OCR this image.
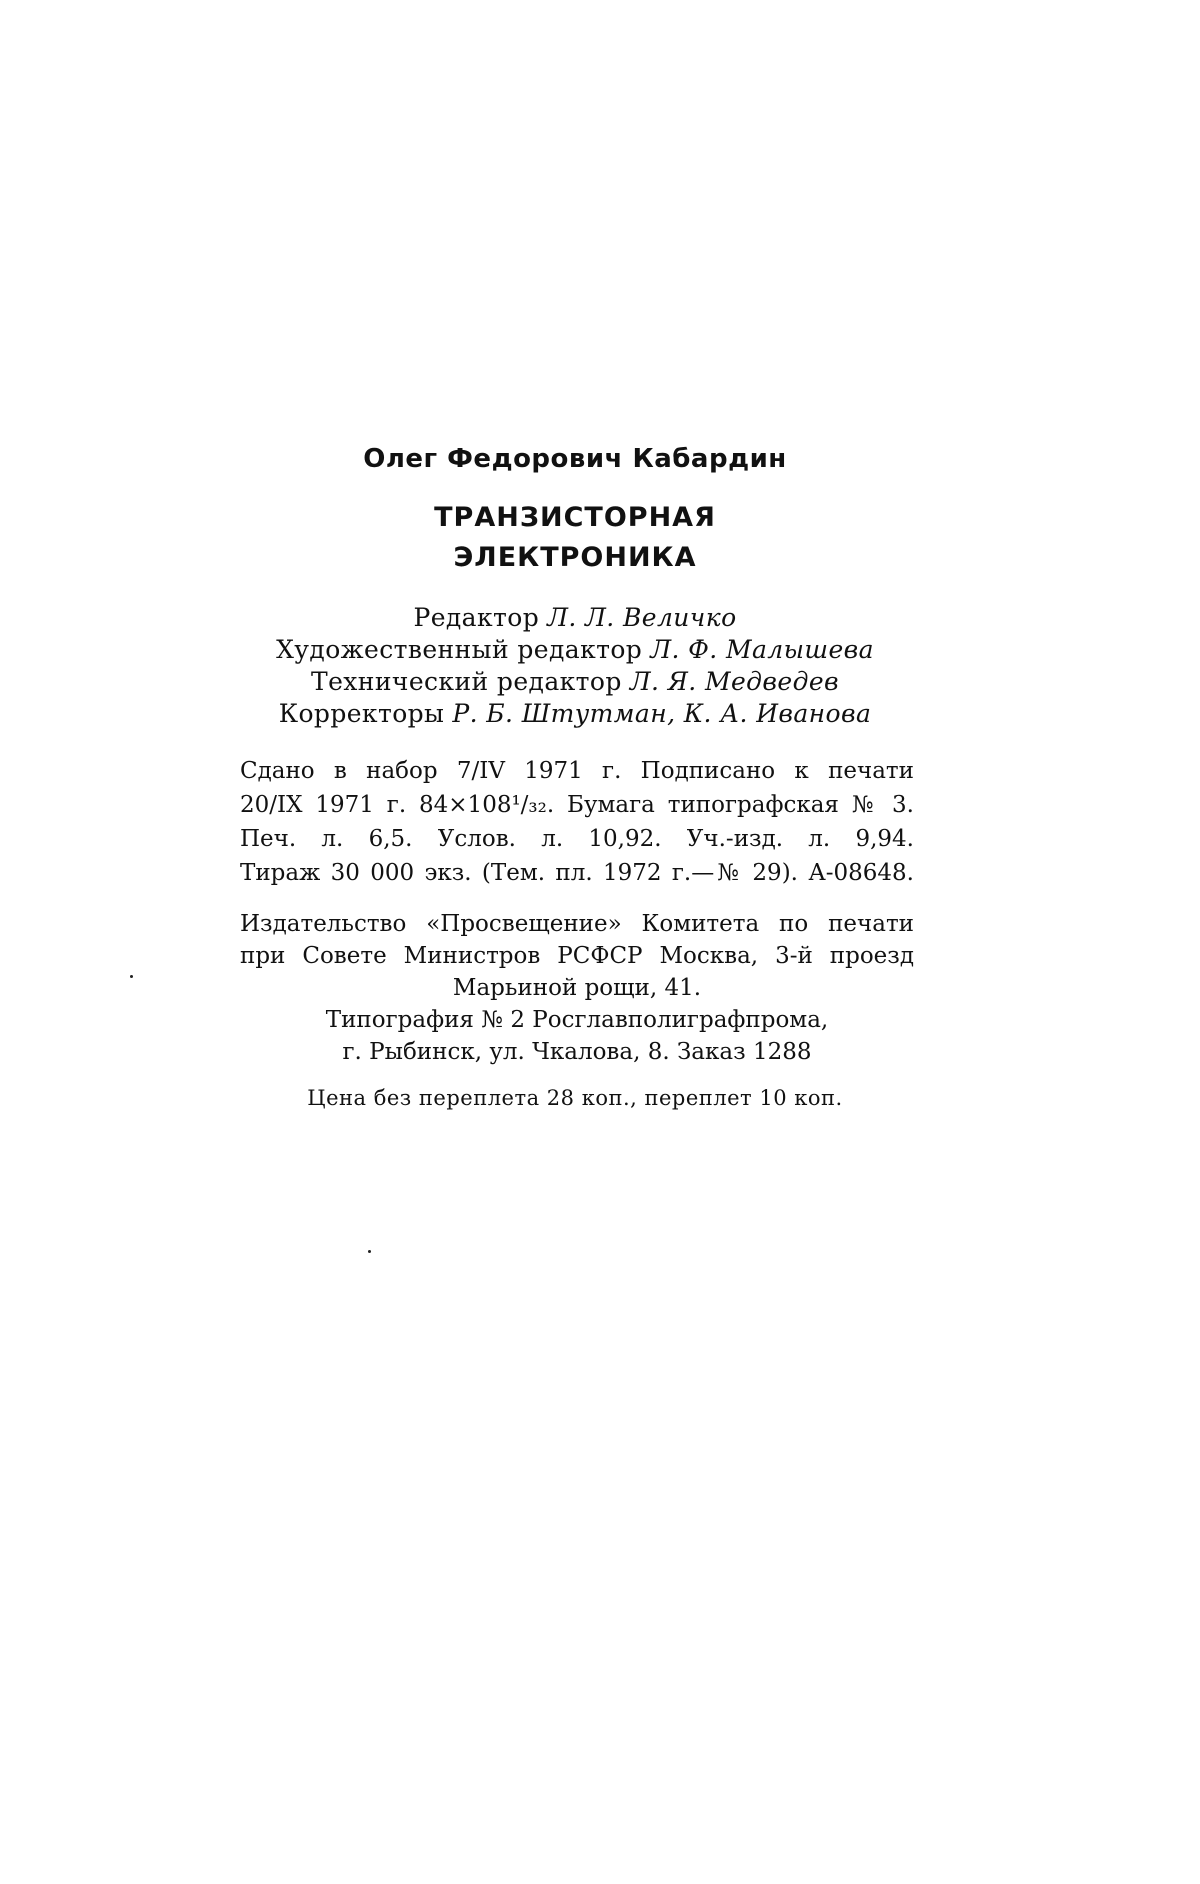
Олег Федорович Кабардин
ТРАНЗИСТОРНАЯ
ЭЛЕКТРОНИКА
Редактор Л. Л. Величко
Художественный редактор Л. Ф. Малышева
Технический редактор Л. Я. Медведев
Корректоры Р. Б. Штутман, К. А. Иванова
Сдано в набор 7/IV 1971 г. Подписано к печати
20/IX 1971 г. 84×108¹/₃₂. Бумага типографская № 3.
Печ. л. 6,5. Услов. л. 10,92. Уч.-изд. л. 9,94.
Тираж 30 000 экз. (Тем. пл. 1972 г.—№ 29). А-08648.
Издательство «Просвещение» Комитета по печати
при Совете Министров РСФСР Москва, 3-й проезд
Марьиной рощи, 41.
Типография № 2 Росглавполиграфпрома,
г. Рыбинск, ул. Чкалова, 8. Заказ 1288
Цена без переплета 28 коп., переплет 10 коп.
